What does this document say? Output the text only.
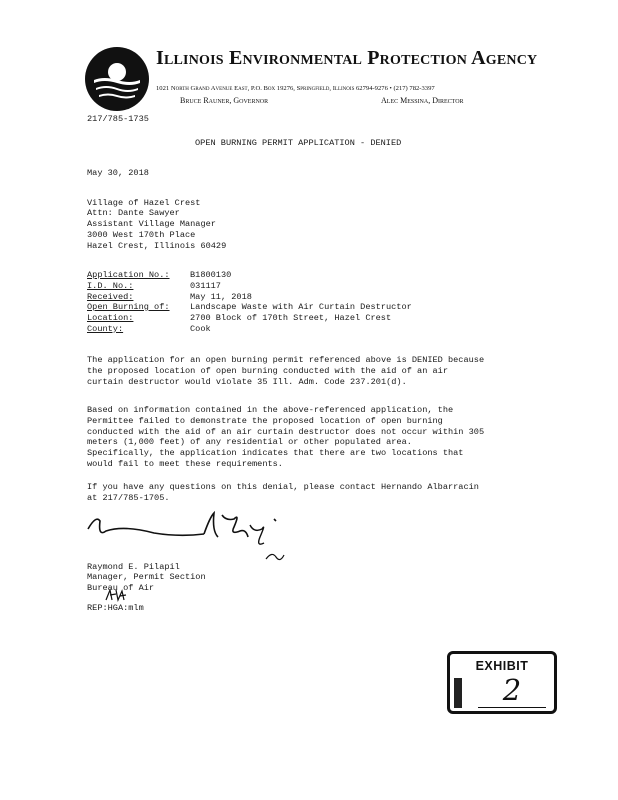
Illinois Environmental Protection Agency
1021 North Grand Avenue East, P.O. Box 19276, Springfield, Illinois 62794-9276 • (217) 782-3397
Bruce Rauner, Governor	Alec Messina, Director
217/785-1735
OPEN BURNING PERMIT APPLICATION - DENIED
May 30, 2018
Village of Hazel Crest
Attn: Dante Sawyer
Assistant Village Manager
3000 West 170th Place
Hazel Crest, Illinois 60429
Application No.: B1800130
I.D. No.:	031117
Received:	May 11, 2018
Open Burning of: Landscape Waste with Air Curtain Destructor
Location:	2700 Block of 170th Street, Hazel Crest
County:	Cook
The application for an open burning permit referenced above is DENIED because
the proposed location of open burning conducted with the aid of an air
curtain destructor would violate 35 Ill. Adm. Code 237.201(d).
Based on information contained in the above-referenced application, the
Permittee failed to demonstrate the proposed location of open burning
conducted with the aid of an air curtain destructor does not occur within 305
meters (1,000 feet) of any residential or other populated area.
Specifically, the application indicates that there are two locations that
would fail to meet these requirements.
If you have any questions on this denial, please contact Hernando Albarracin
at 217/785-1705.
Raymond E. Pilapil
Manager, Permit Section
Bureau of Air
REP:HGA:mlm
EXHIBIT
2
